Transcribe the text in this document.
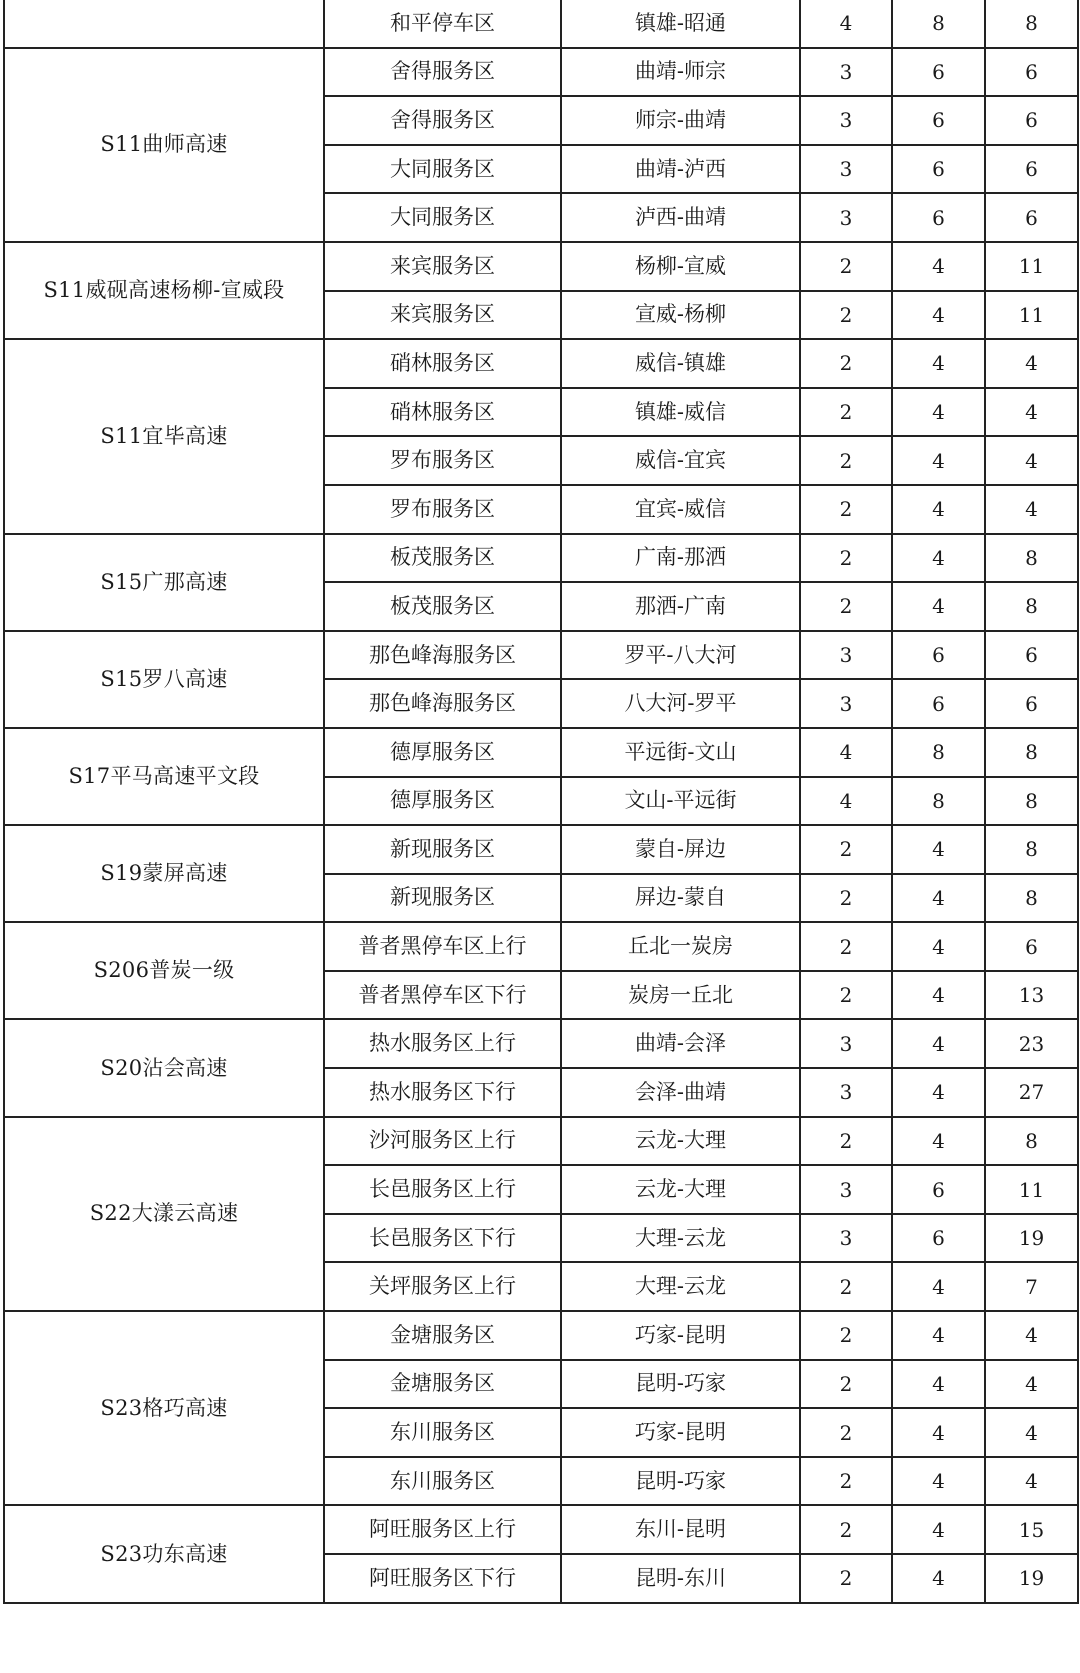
	和平停车区	镇雄-昭通	4	8	8
S11曲师高速	舍得服务区	曲靖-师宗	3	6	6
	舍得服务区	师宗-曲靖	3	6	6
	大同服务区	曲靖-泸西	3	6	6
	大同服务区	泸西-曲靖	3	6	6
S11威砚高速杨柳-宣威段	来宾服务区	杨柳-宣威	2	4	11
	来宾服务区	宣威-杨柳	2	4	11
S11宜毕高速	硝林服务区	威信-镇雄	2	4	4
	硝林服务区	镇雄-威信	2	4	4
	罗布服务区	威信-宜宾	2	4	4
	罗布服务区	宜宾-威信	2	4	4
S15广那高速	板茂服务区	广南-那洒	2	4	8
	板茂服务区	那洒-广南	2	4	8
S15罗八高速	那色峰海服务区	罗平-八大河	3	6	6
	那色峰海服务区	八大河-罗平	3	6	6
S17平马高速平文段	德厚服务区	平远街-文山	4	8	8
	德厚服务区	文山-平远街	4	8	8
S19蒙屏高速	新现服务区	蒙自-屏边	2	4	8
	新现服务区	屏边-蒙自	2	4	8
S206普炭一级	普者黑停车区上行	丘北一炭房	2	4	6
	普者黑停车区下行	炭房一丘北	2	4	13
S20沾会高速	热水服务区上行	曲靖-会泽	3	4	23
	热水服务区下行	会泽-曲靖	3	4	27
S22大漾云高速	沙河服务区上行	云龙-大理	2	4	8
	长邑服务区上行	云龙-大理	3	6	11
	长邑服务区下行	大理-云龙	3	6	19
	关坪服务区上行	大理-云龙	2	4	7
S23格巧高速	金塘服务区	巧家-昆明	2	4	4
	金塘服务区	昆明-巧家	2	4	4
	东川服务区	巧家-昆明	2	4	4
	东川服务区	昆明-巧家	2	4	4
S23功东高速	阿旺服务区上行	东川-昆明	2	4	15
	阿旺服务区下行	昆明-东川	2	4	19
